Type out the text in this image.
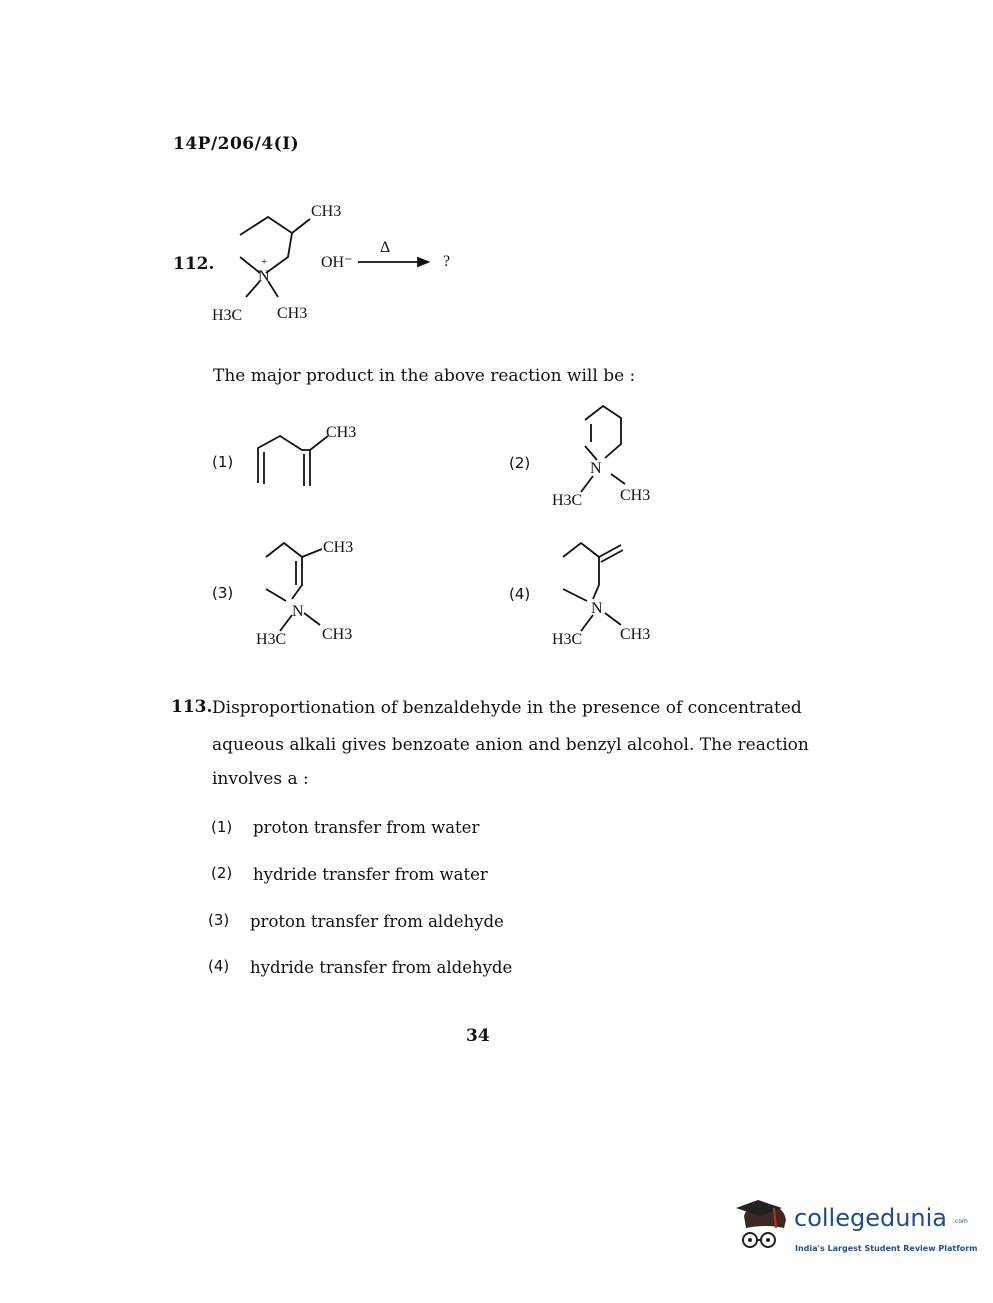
14P/206/4(I)
112.
CH3
+
N
H3C CH3
OH⁻
Δ
?
The major product in the above reaction will be :
(1)
CH3
(2)	N
H3C CH3
(3)
CH3
N
H3C CH3
(4)
N
H3C CH3
113. Disproportionation of benzaldehyde in the presence of concentrated
aqueous alkali gives benzoate anion and benzyl alcohol. The reaction
involves a :
(1) proton transfer from water
(2) hydride transfer from water
(3) proton transfer from aldehyde
(4) hydride transfer from aldehyde
34
collegedunia .com
India's Largest Student Review Platform
